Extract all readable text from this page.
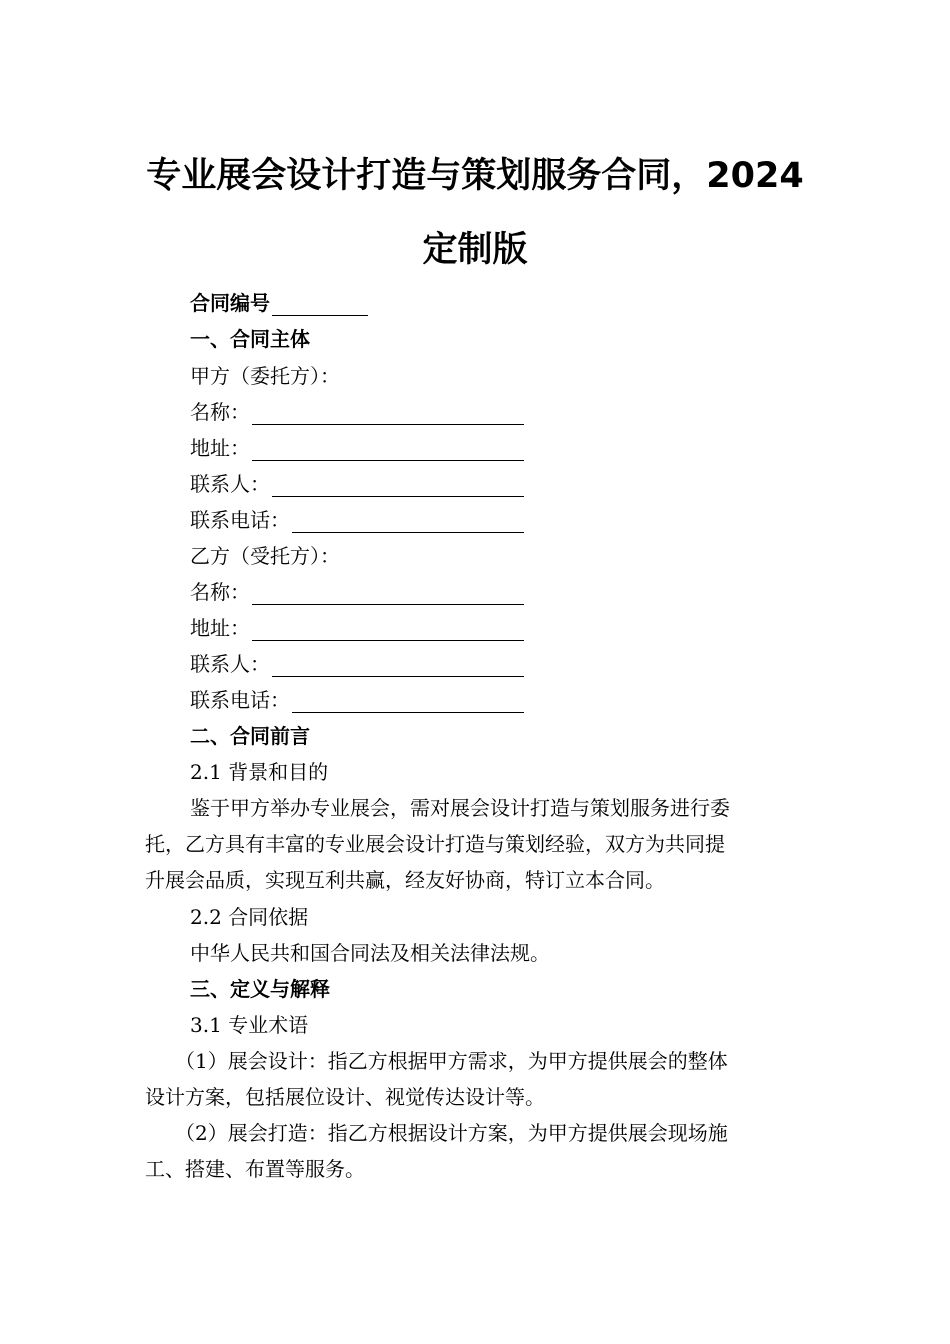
专业展会设计打造与策划服务合同，2024
定制版
合同编号
一、合同主体
甲方（委托方）：
名称：
地址：
联系人：
联系电话：
乙方（受托方）：
名称：
地址：
联系人：
联系电话：
二、合同前言
2.1 背景和目的
鉴于甲方举办专业展会，需对展会设计打造与策划服务进行委
托，乙方具有丰富的专业展会设计打造与策划经验，双方为共同提
升展会品质，实现互利共赢，经友好协商，特订立本合同。
2.2 合同依据
中华人民共和国合同法及相关法律法规。
三、定义与解释
3.1 专业术语
（1）展会设计：指乙方根据甲方需求，为甲方提供展会的整体
设计方案，包括展位设计、视觉传达设计等。
（2）展会打造：指乙方根据设计方案，为甲方提供展会现场施
工、搭建、布置等服务。
